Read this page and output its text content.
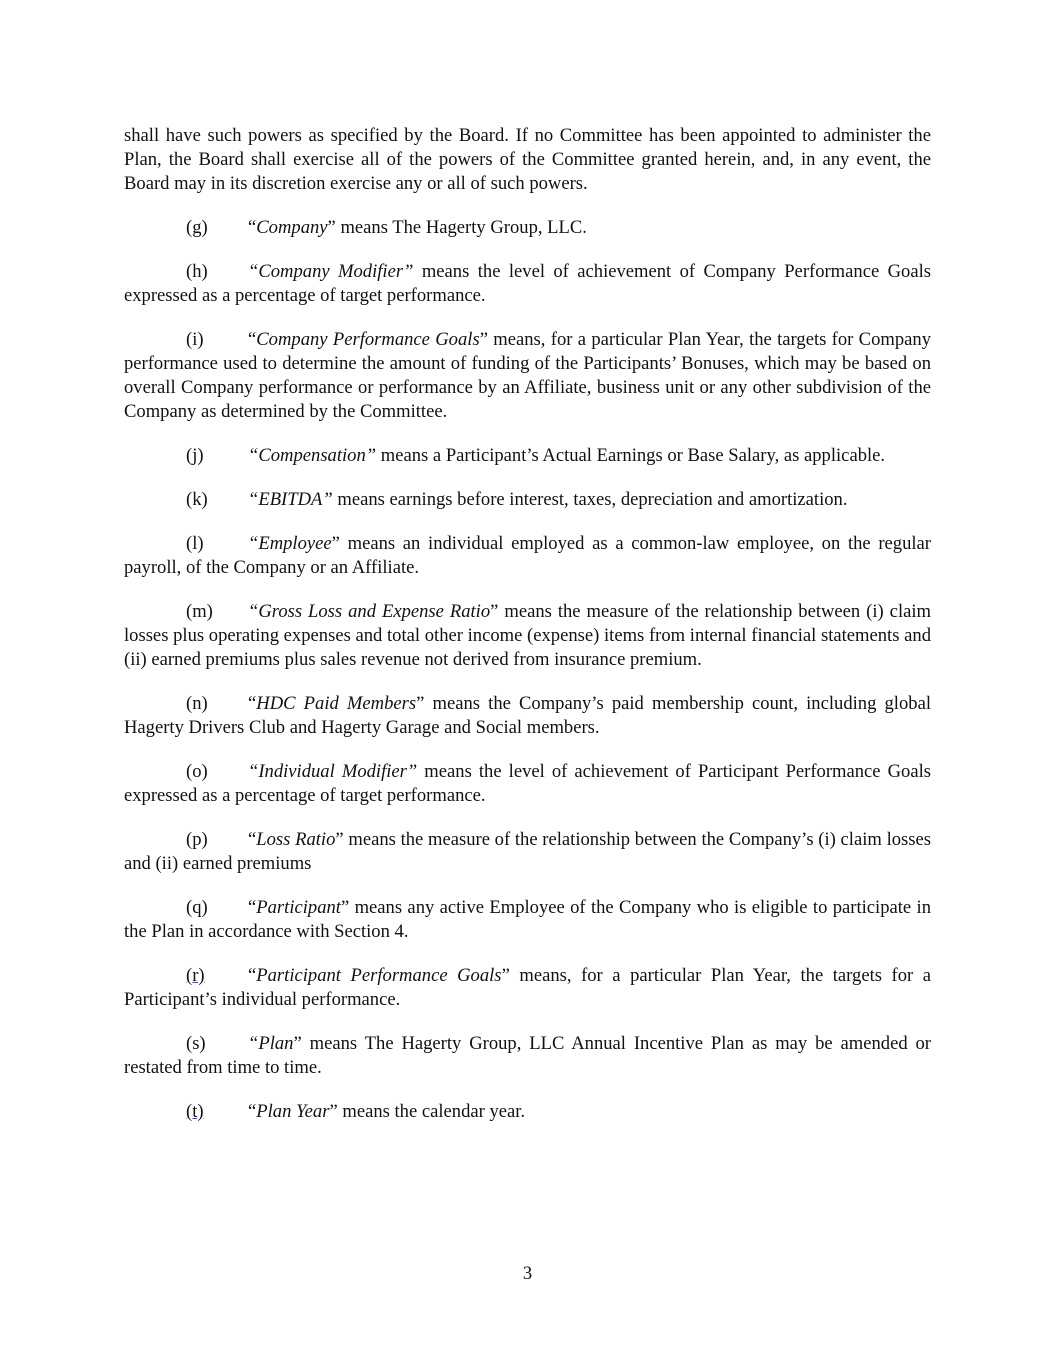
shall have such powers as specified by the Board. If no Committee has been appointed to administer the Plan, the Board shall exercise all of the powers of the Committee granted herein, and, in any event, the Board may in its discretion exercise any or all of such powers.

(g) “Company” means The Hagerty Group, LLC.

(h) “Company Modifier” means the level of achievement of Company Performance Goals expressed as a percentage of target performance.

(i) “Company Performance Goals” means, for a particular Plan Year, the targets for Company performance used to determine the amount of funding of the Participants’ Bonuses, which may be based on overall Company performance or performance by an Affiliate, business unit or any other subdivision of the Company as determined by the Committee.

(j) “Compensation” means a Participant’s Actual Earnings or Base Salary, as applicable.

(k) “EBITDA” means earnings before interest, taxes, depreciation and amortization.

(l) “Employee” means an individual employed as a common-law employee, on the regular payroll, of the Company or an Affiliate.

(m) “Gross Loss and Expense Ratio” means the measure of the relationship between (i) claim losses plus operating expenses and total other income (expense) items from internal financial statements and (ii) earned premiums plus sales revenue not derived from insurance premium.

(n) “HDC Paid Members” means the Company’s paid membership count, including global Hagerty Drivers Club and Hagerty Garage and Social members.

(o) “Individual Modifier” means the level of achievement of Participant Performance Goals expressed as a percentage of target performance.

(p) “Loss Ratio” means the measure of the relationship between the Company’s (i) claim losses and (ii) earned premiums

(q) “Participant” means any active Employee of the Company who is eligible to participate in the Plan in accordance with Section 4.

(r) “Participant Performance Goals” means, for a particular Plan Year, the targets for a Participant’s individual performance.

(s) “Plan” means The Hagerty Group, LLC Annual Incentive Plan as may be amended or restated from time to time.

(t) “Plan Year” means the calendar year.

3
